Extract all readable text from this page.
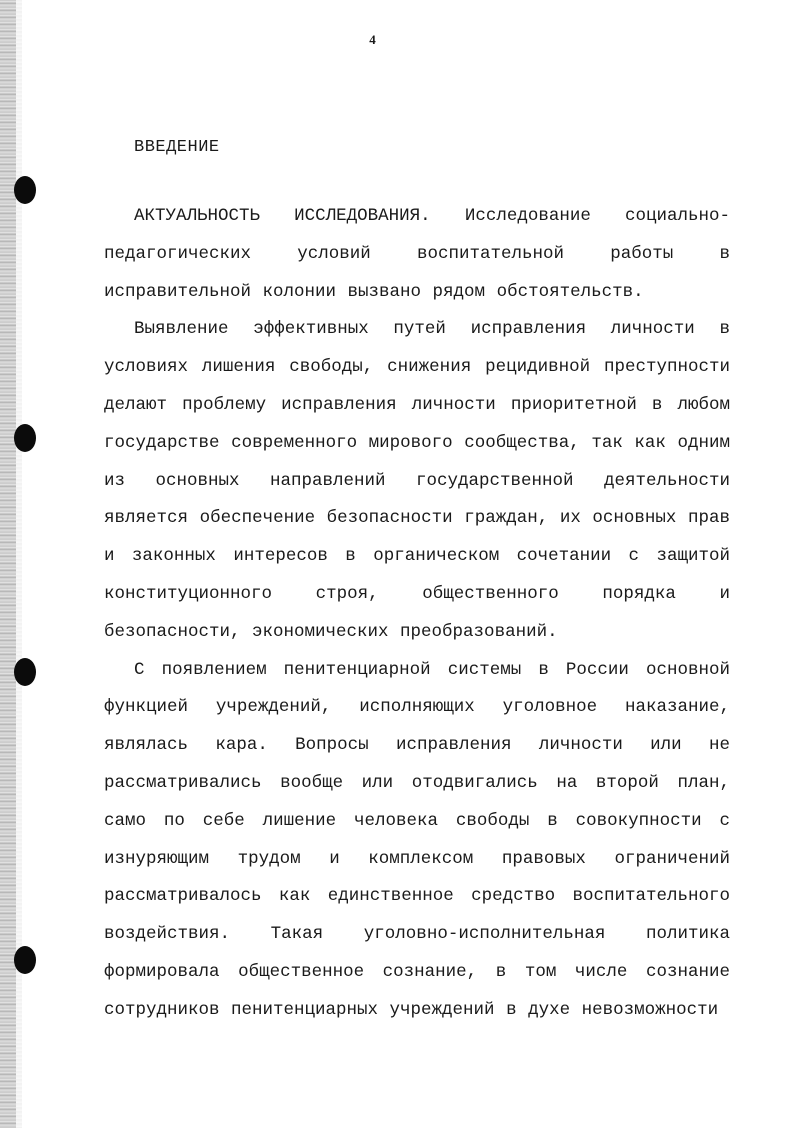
4
ВВЕДЕНИЕ

АКТУАЛЬНОСТЬ ИССЛЕДОВАНИЯ. Исследование социально-педагогических условий воспитательной работы в исправительной колонии вызвано рядом обстоятельств.

Выявление эффективных путей исправления личности в условиях лишения свободы, снижения рецидивной преступности делают проблему исправления личности приоритетной в любом государстве современного мирового сообщества, так как одним из основных направлений государственной деятельности является обеспечение безопасности граждан, их основных прав и законных интересов в органическом сочетании с защитой конституционного строя, общественного порядка и безопасности, экономических преобразований.

С появлением пенитенциарной системы в России основной функцией учреждений, исполняющих уголовное наказание, являлась кара. Вопросы исправления личности или не рассматривались вообще или отодвигались на второй план, само по себе лишение человека свободы в совокупности с изнуряющим трудом и комплексом правовых ограничений рассматривалось как единственное средство воспитательного воздействия. Такая уголовно-исполнительная политика формировала общественное сознание, в том числе сознание сотрудников пенитенциарных учреждений в духе невозможности
